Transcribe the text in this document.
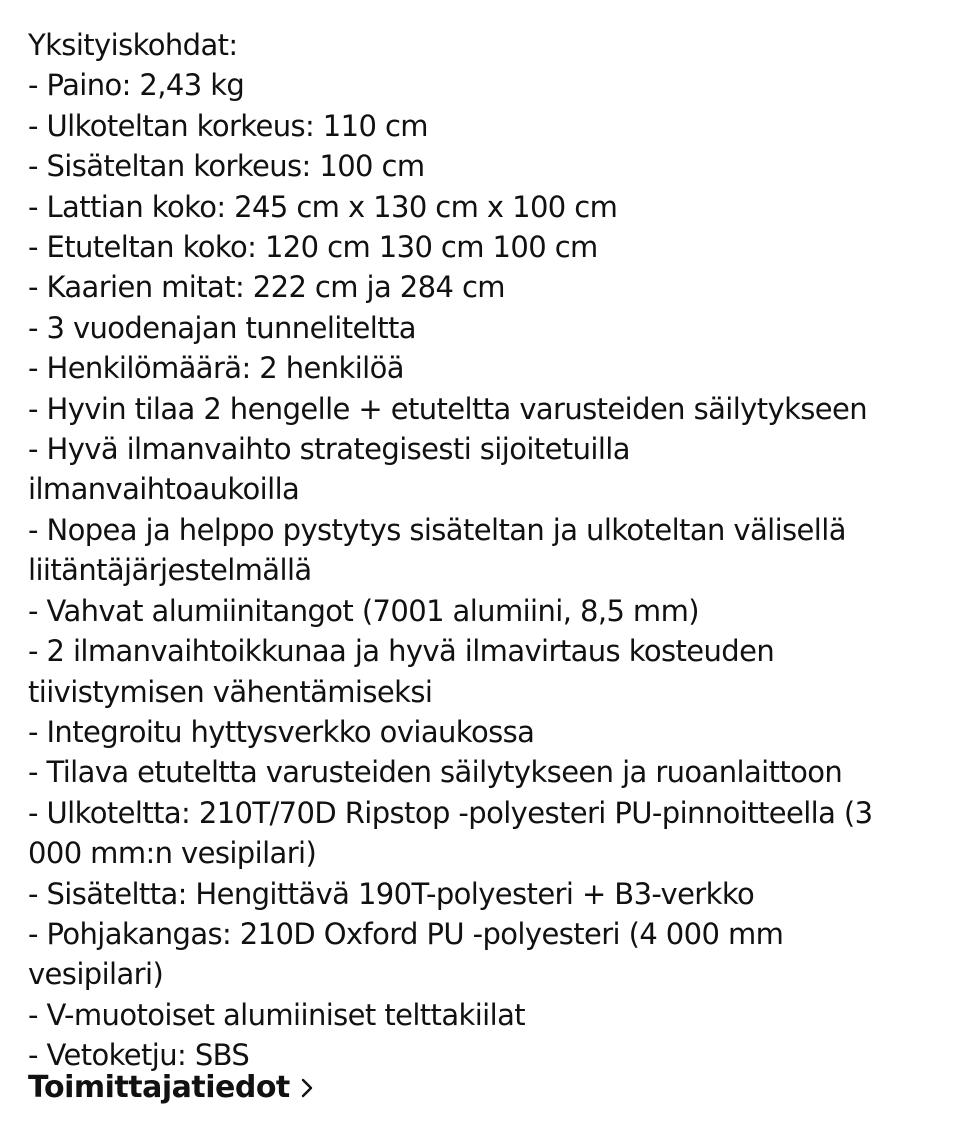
Yksityiskohdat:

- Paino: 2,43 kg

- Ulkoteltan korkeus: 110 cm

- Sisäteltan korkeus: 100 cm

- Lattian koko: 245 cm x 130 cm x 100 cm

- Etuteltan koko: 120 cm 130 cm 100 cm

- Kaarien mitat: 222 cm ja 284 cm

- 3 vuodenajan tunneliteltta

- Henkilömäärä: 2 henkilöä

- Hyvin tilaa 2 hengelle + etuteltta varusteiden säilytykseen

- Hyvä ilmanvaihto strategisesti sijoitetuilla

ilmanvaihtoaukoilla

- Nopea ja helppo pystytys sisäteltan ja ulkoteltan välisellä

liitäntäjärjestelmällä

- Vahvat alumiinitangot (7001 alumiini, 8,5 mm)

- 2 ilmanvaihtoikkunaa ja hyvä ilmavirtaus kosteuden

tiivistymisen vähentämiseksi

- Integroitu hyttysverkko oviaukossa

- Tilava etuteltta varusteiden säilytykseen ja ruoanlaittoon

- Ulkoteltta: 210T/70D Ripstop -polyesteri PU-pinnoitteella (3

000 mm:n vesipilari)

- Sisäteltta: Hengittävä 190T-polyesteri + B3-verkko

- Pohjakangas: 210D Oxford PU -polyesteri (4 000 mm

vesipilari)

- V-muotoiset alumiiniset telttakiilat

- Vetoketju: SBS

Toimittajatiedot
